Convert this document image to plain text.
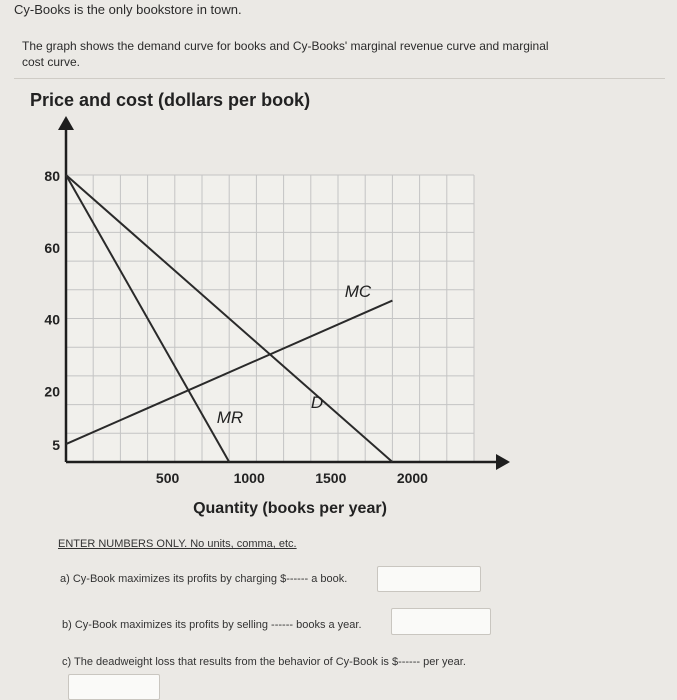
Cy-Books is the only bookstore in town.
The graph shows the demand curve for books and Cy-Books' marginal revenue curve and marginal
cost curve.
Price and cost (dollars per book)
5
20
40
60
80
500	1000	1500	2000
Quantity (books per year)
D
MR
MC
ENTER NUMBERS ONLY. No units, comma, etc.
a) Cy-Book maximizes its profits by charging $------ a book.
b) Cy-Book maximizes its profits by selling ------ books a year.
c) The deadweight loss that results from the behavior of Cy-Book is $------ per year.
